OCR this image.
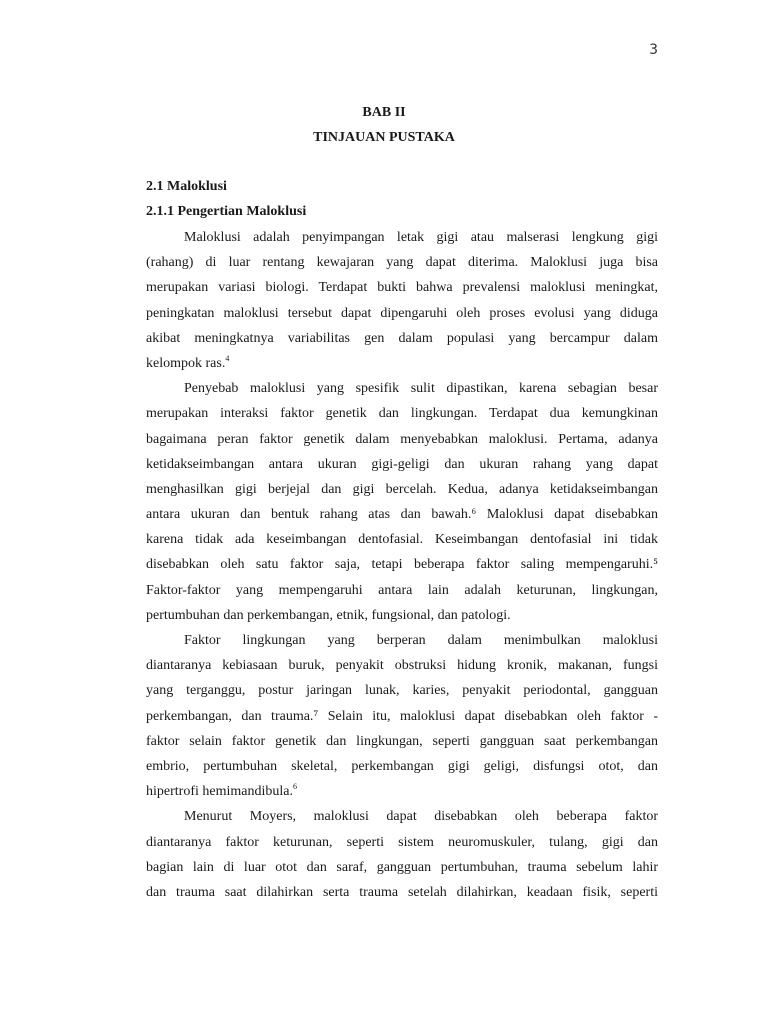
3
BAB II
TINJAUAN PUSTAKA
2.1 Maloklusi
2.1.1 Pengertian Maloklusi
Maloklusi adalah penyimpangan letak gigi atau malserasi lengkung gigi
(rahang) di luar rentang kewajaran yang dapat diterima. Maloklusi juga bisa
merupakan variasi biologi. Terdapat bukti bahwa prevalensi maloklusi meningkat,
peningkatan maloklusi tersebut dapat dipengaruhi oleh proses evolusi yang diduga
akibat meningkatnya variabilitas gen dalam populasi yang bercampur dalam
kelompok ras.$^4$
Penyebab maloklusi yang spesifik sulit dipastikan, karena sebagian besar
merupakan interaksi faktor genetik dan lingkungan. Terdapat dua kemungkinan
bagaimana peran faktor genetik dalam menyebabkan maloklusi. Pertama, adanya
ketidakseimbangan antara ukuran gigi-geligi dan ukuran rahang yang dapat
menghasilkan gigi berjejal dan gigi bercelah. Kedua, adanya ketidakseimbangan
antara ukuran dan bentuk rahang atas dan bawah.⁶ Maloklusi dapat disebabkan
karena tidak ada keseimbangan dentofasial. Keseimbangan dentofasial ini tidak
disebabkan oleh satu faktor saja, tetapi beberapa faktor saling mempengaruhi.⁵
Faktor-faktor yang mempengaruhi antara lain adalah keturunan, lingkungan,
pertumbuhan dan perkembangan, etnik, fungsional, dan patologi.
Faktor lingkungan yang berperan dalam menimbulkan maloklusi
diantaranya kebiasaan buruk, penyakit obstruksi hidung kronik, makanan, fungsi
yang terganggu, postur jaringan lunak, karies, penyakit periodontal, gangguan
perkembangan, dan trauma.⁷ Selain itu, maloklusi dapat disebabkan oleh faktor -
faktor selain faktor genetik dan lingkungan, seperti gangguan saat perkembangan
embrio, pertumbuhan skeletal, perkembangan gigi geligi, disfungsi otot, dan
hipertrofi hemimandibula.$^6$
Menurut Moyers, maloklusi dapat disebabkan oleh beberapa faktor
diantaranya faktor keturunan, seperti sistem neuromuskuler, tulang, gigi dan
bagian lain di luar otot dan saraf, gangguan pertumbuhan, trauma sebelum lahir
dan trauma saat dilahirkan serta trauma setelah dilahirkan, keadaan fisik, seperti
